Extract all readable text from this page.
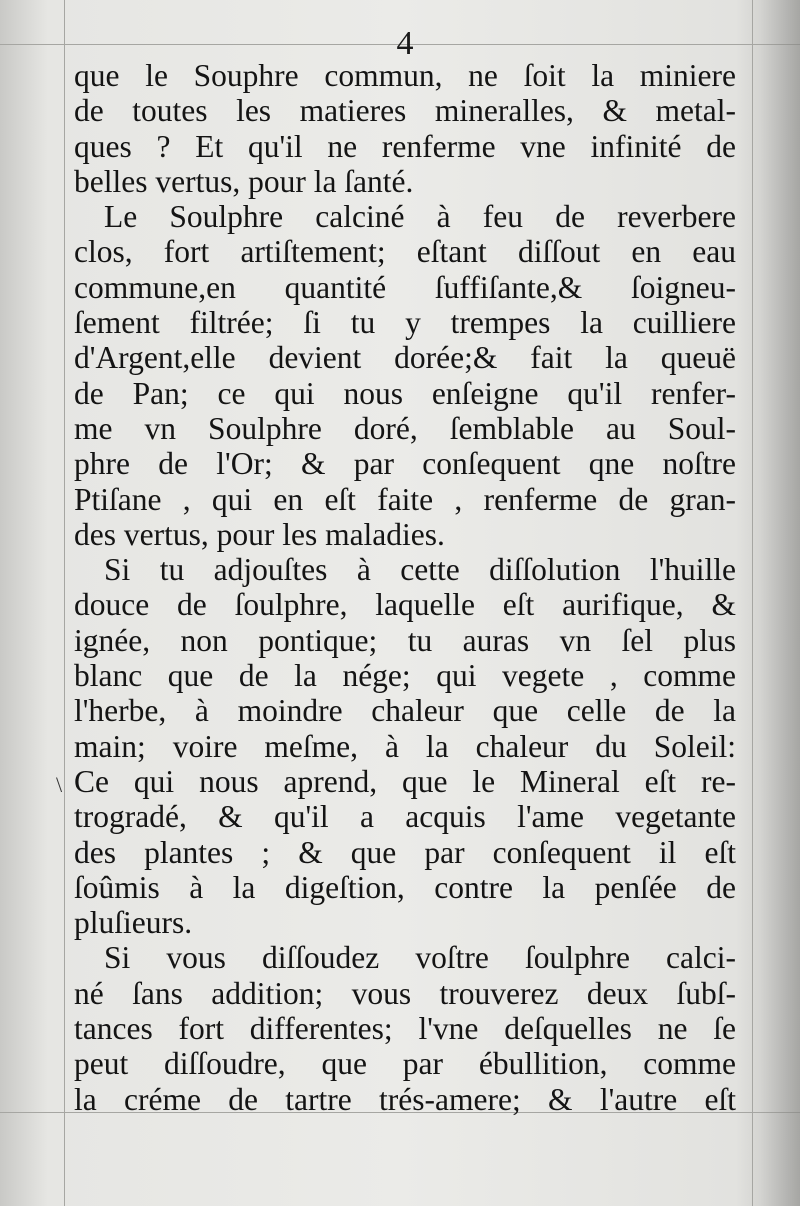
4
\
que le Souphre commun, ne ſoit la miniere
de toutes les matieres mineralles, & metal-
ques ? Et qu'il ne renferme vne infinité de
belles vertus, pour la ſanté.
Le Soulphre calciné à feu de reverbere
clos, fort artiſtement; eſtant diſſout en eau
commune,en quantité ſuffiſante,& ſoigneu-
ſement filtrée; ſi tu y trempes la cuilliere
d'Argent,elle devient dorée;& fait la queuë
de Pan; ce qui nous enſeigne qu'il renfer-
me vn Soulphre doré, ſemblable au Soul-
phre de l'Or; & par conſequent qne noſtre
Ptiſane , qui en eſt faite , renferme de gran-
des vertus, pour les maladies.
Si tu adjouſtes à cette diſſolution l'huille
douce de ſoulphre, laquelle eſt aurifique, &
ignée, non pontique; tu auras vn ſel plus
blanc que de la nége; qui vegete , comme
l'herbe, à moindre chaleur que celle de la
main; voire meſme, à la chaleur du Soleil:
Ce qui nous aprend, que le Mineral eſt re-
trogradé, & qu'il a acquis l'ame vegetante
des plantes ; & que par conſequent il eſt
ſoûmis à la digeſtion, contre la penſée de
pluſieurs.
Si vous diſſoudez voſtre ſoulphre calci-
né ſans addition; vous trouverez deux ſubſ-
tances fort differentes; l'vne deſquelles ne ſe
peut diſſoudre, que par ébullition, comme
la créme de tartre trés-amere; & l'autre eſt
